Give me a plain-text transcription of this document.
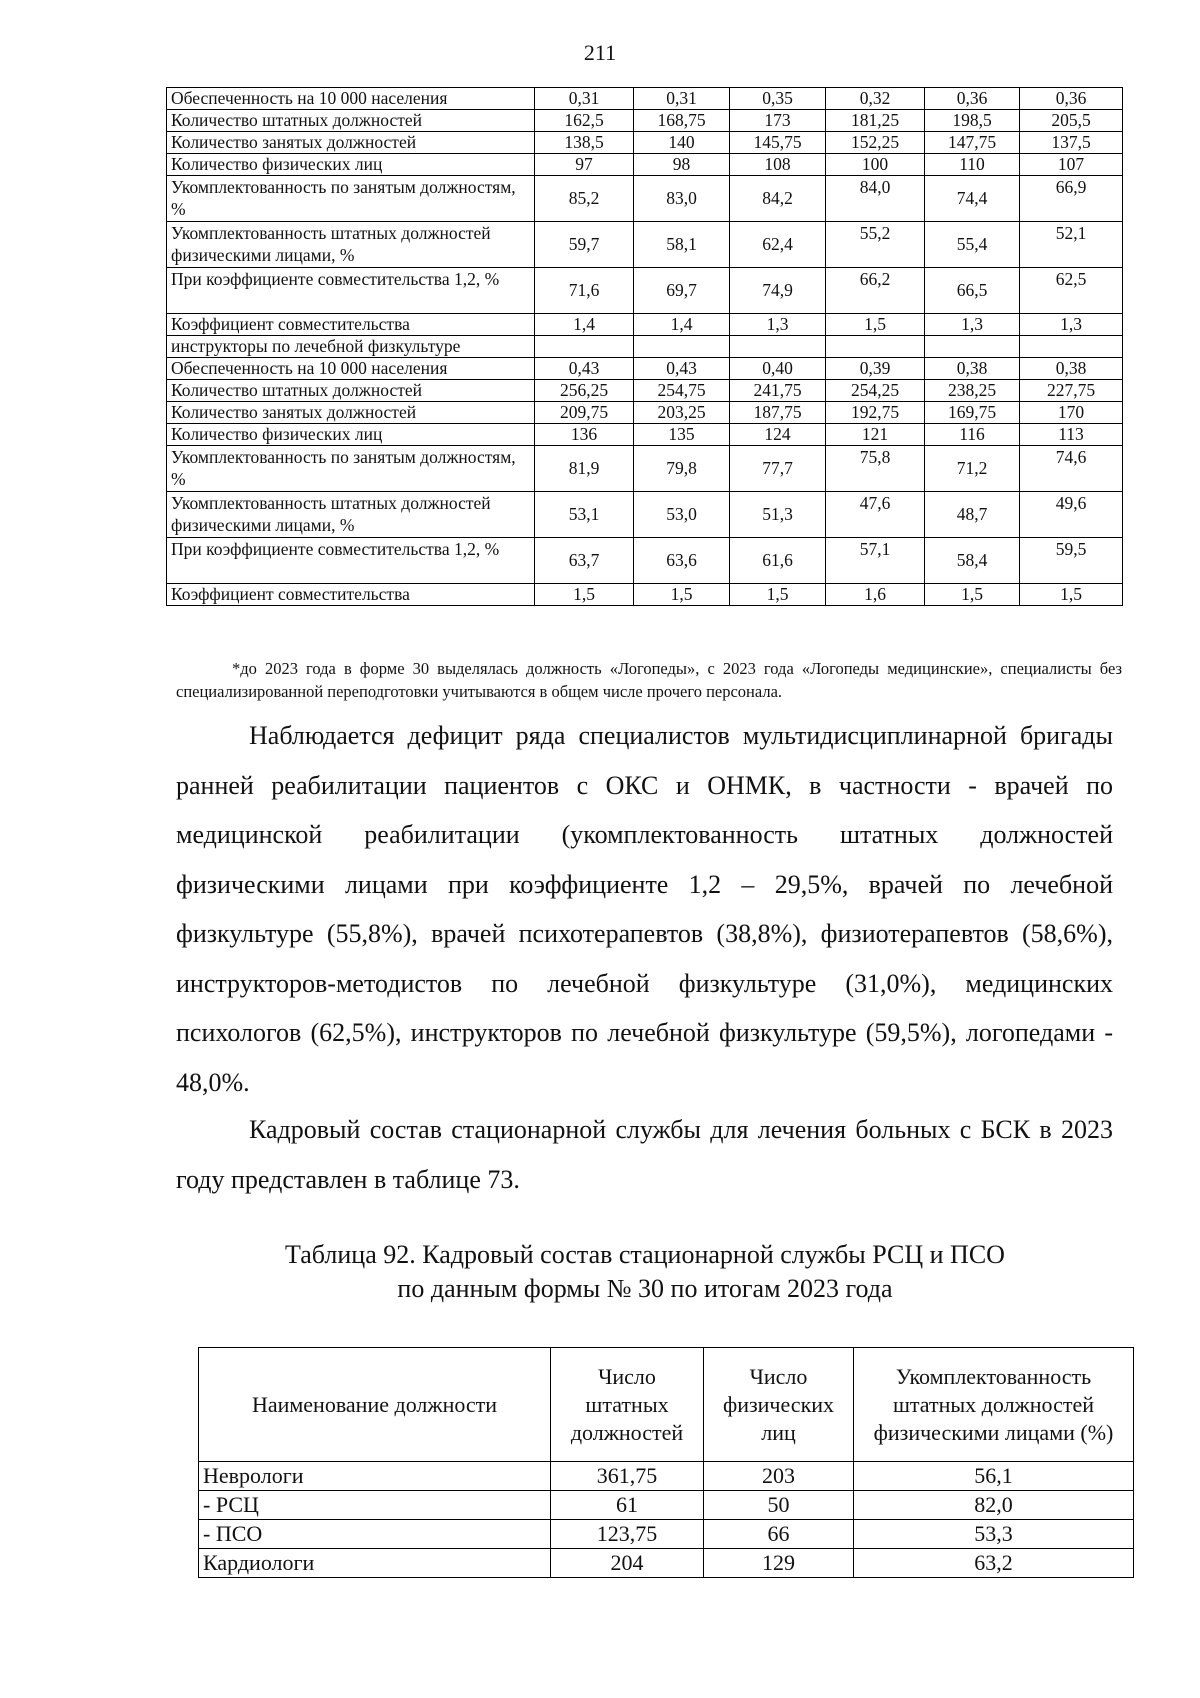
211
Обеспеченность на 10 000 населения	0,31	0,31	0,35	0,32	0,36	0,36
Количество штатных должностей	162,5	168,75	173	181,25	198,5	205,5
Количество занятых должностей	138,5	140	145,75	152,25	147,75	137,5
Количество физических лиц	97	98	108	100	110	107
Укомплектованность по занятым должностям, %	85,2	83,0	84,2	84,0	74,4	66,9
Укомплектованность штатных должностей физическими лицами, %	59,7	58,1	62,4	55,2	55,4	52,1
При коэффициенте совместительства 1,2, %	71,6	69,7	74,9	66,2	66,5	62,5
Коэффициент совместительства	1,4	1,4	1,3	1,5	1,3	1,3
инструкторы по лечебной физкультуре						
Обеспеченность на 10 000 населения	0,43	0,43	0,40	0,39	0,38	0,38
Количество штатных должностей	256,25	254,75	241,75	254,25	238,25	227,75
Количество занятых должностей	209,75	203,25	187,75	192,75	169,75	170
Количество физических лиц	136	135	124	121	116	113
Укомплектованность по занятым должностям, %	81,9	79,8	77,7	75,8	71,2	74,6
Укомплектованность штатных должностей физическими лицами, %	53,1	53,0	51,3	47,6	48,7	49,6
При коэффициенте совместительства 1,2, %	63,7	63,6	61,6	57,1	58,4	59,5
Коэффициент совместительства	1,5	1,5	1,5	1,6	1,5	1,5

*до 2023 года в форме 30 выделялась должность «Логопеды», с 2023 года «Логопеды медицинские», специалисты без специализированной переподготовки учитываются в общем числе прочего персонала.

Наблюдается дефицит ряда специалистов мультидисциплинарной бригады ранней реабилитации пациентов с ОКС и ОНМК, в частности - врачей по медицинской реабилитации (укомплектованность штатных должностей физическими лицами при коэффициенте 1,2 – 29,5%, врачей по лечебной физкультуре (55,8%), врачей психотерапевтов (38,8%), физиотерапевтов (58,6%), инструкторов-методистов по лечебной физкультуре (31,0%), медицинских психологов (62,5%), инструкторов по лечебной физкультуре (59,5%), логопедами - 48,0%.

Кадровый состав стационарной службы для лечения больных с БСК в 2023 году представлен в таблице 73.

Таблица 92. Кадровый состав стационарной службы РСЦ и ПСО
по данным формы № 30 по итогам 2023 года
Наименование должности	Число штатных должностей	Число физических лиц	Укомплектованность штатных должностей физическими лицами (%)
Неврологи	361,75	203	56,1
- РСЦ	61	50	82,0
- ПСО	123,75	66	53,3
Кардиологи	204	129	63,2
